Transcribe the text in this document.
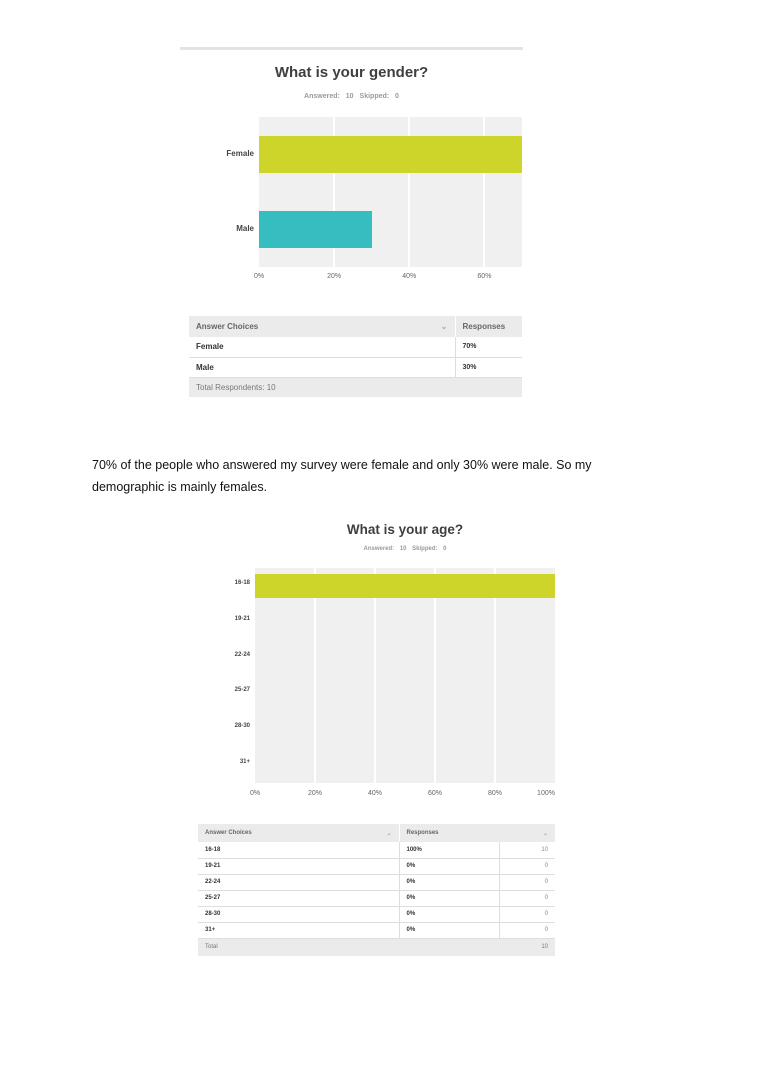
What is your gender?
Answered: 10 Skipped: 0
Female
Male
0%	20%	40%	60%
Answer Choices ⌄	Responses
Female	70%
Male	30%
Total Respondents: 10	
70% of the people who answered my survey were female and only 30% were male. So my
demographic is mainly females.
What is your age?
Answered: 10 Skipped: 0
16-18
19-21
22-24
25-27
28-30
31+
0%	20%	40%	60%	80%	100%
Answer Choices ⌄	Responses ⌄	

16-18	100%	10
19-21	0%	0
22-24	0%	0
25-27	0%	0
28-30	0%	0
31+	0%	0
Total		10
